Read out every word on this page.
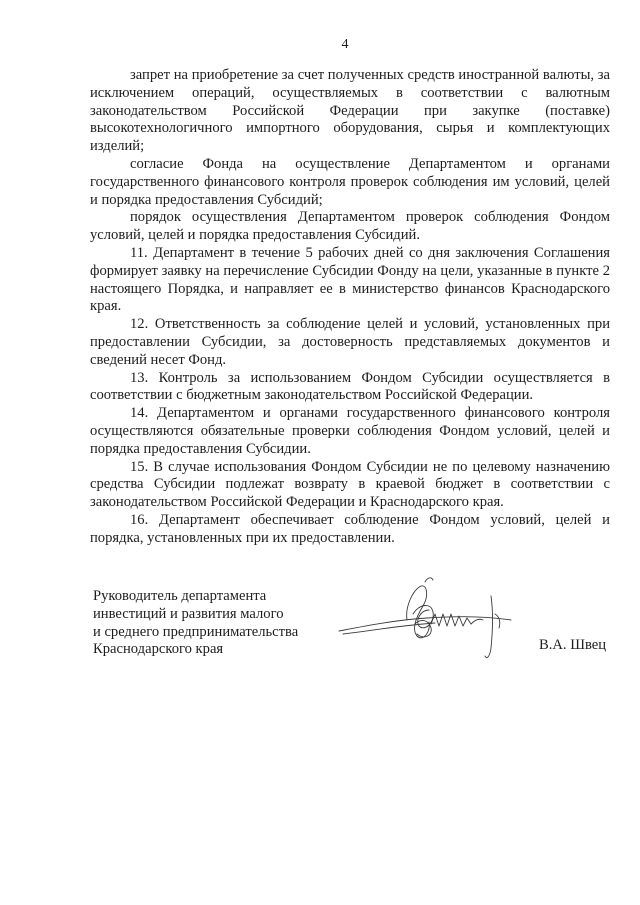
4

запрет на приобретение за счет полученных средств иностранной валюты, за исключением операций, осуществляемых в соответствии с валютным законодательством Российской Федерации при закупке (поставке) высокотехнологичного импортного оборудования, сырья и комплектующих изделий;

согласие Фонда на осуществление Департаментом и органами государственного финансового контроля проверок соблюдения им условий, целей и порядка предоставления Субсидий;

порядок осуществления Департаментом проверок соблюдения Фондом условий, целей и порядка предоставления Субсидий.

11. Департамент в течение 5 рабочих дней со дня заключения Соглашения формирует заявку на перечисление Субсидии Фонду на цели, указанные в пункте 2 настоящего Порядка, и направляет ее в министерство финансов Краснодарского края.

12. Ответственность за соблюдение целей и условий, установленных при предоставлении Субсидии, за достоверность представляемых документов и сведений несет Фонд.

13. Контроль за использованием Фондом Субсидии осуществляется в соответствии с бюджетным законодательством Российской Федерации.

14. Департаментом и органами государственного финансового контроля осуществляются обязательные проверки соблюдения Фондом условий, целей и порядка предоставления Субсидии.

15. В случае использования Фондом Субсидии не по целевому назначению средства Субсидии подлежат возврату в краевой бюджет в соответствии с законодательством Российской Федерации и Краснодарского края.

16. Департамент обеспечивает соблюдение Фондом условий, целей и порядка, установленных при их предоставлении.

Руководитель департамента
инвестиций и развития малого
и среднего предпринимательства
Краснодарского края	В.А. Швец
